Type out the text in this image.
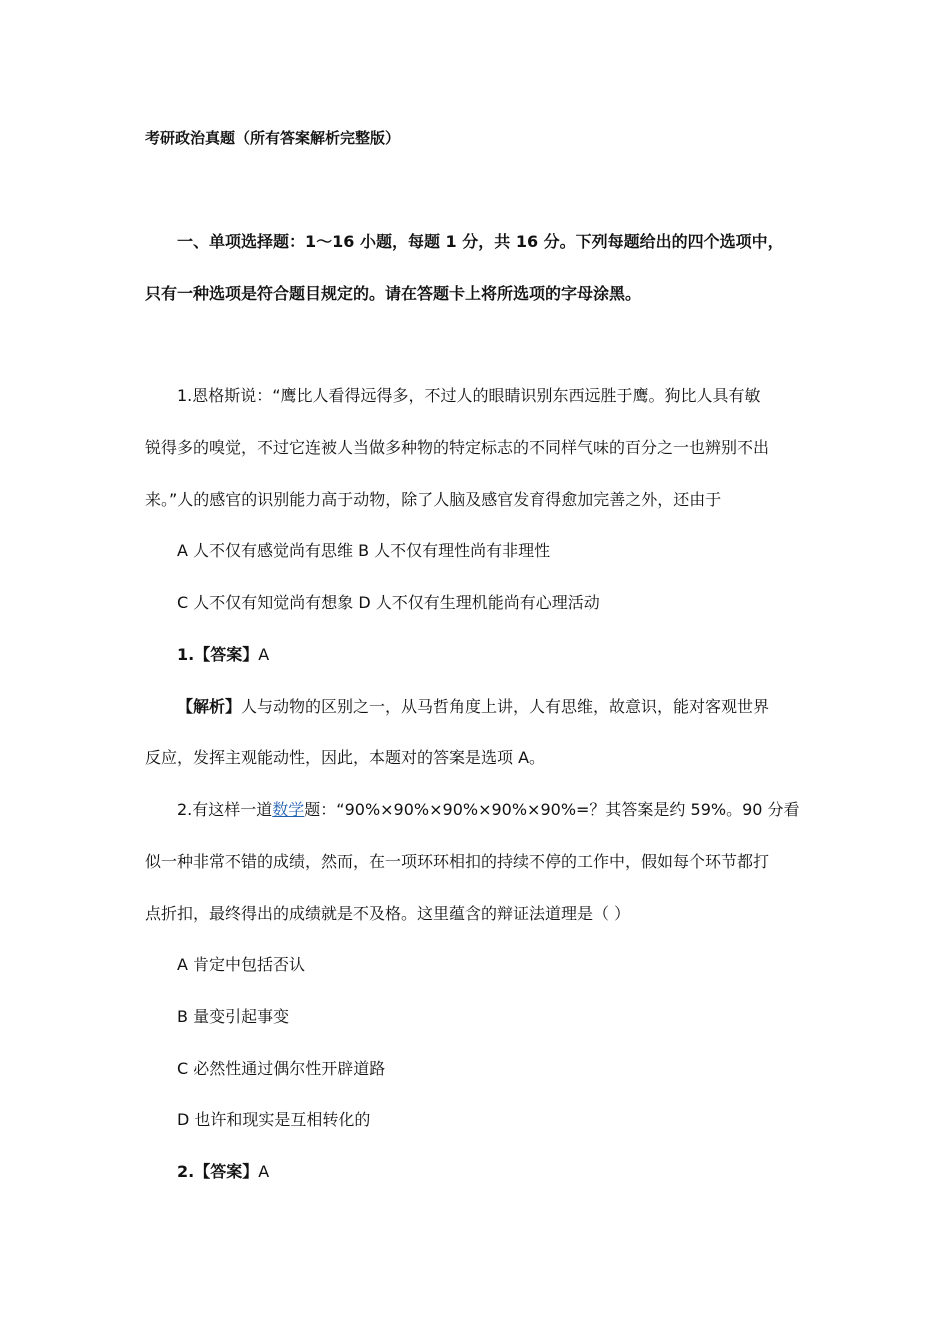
考研政治真题（所有答案解析完整版）
一、单项选择题：1～16 小题，每题 1 分，共 16 分。下列每题给出的四个选项中，
只有一种选项是符合题目规定的。请在答题卡上将所选项的字母涂黑。
1.恩格斯说：“鹰比人看得远得多，不过人的眼睛识别东西远胜于鹰。狗比人具有敏
锐得多的嗅觉，不过它连被人当做多种物的特定标志的不同样气味的百分之一也辨别不出
来。”人的感官的识别能力高于动物，除了人脑及感官发育得愈加完善之外，还由于
A 人不仅有感觉尚有思维 B 人不仅有理性尚有非理性
C 人不仅有知觉尚有想象 D 人不仅有生理机能尚有心理活动
1.【答案】A
【解析】人与动物的区别之一，从马哲角度上讲，人有思维，故意识，能对客观世界
反应，发挥主观能动性，因此，本题对的答案是选项 A。
2.有这样一道数学题：“90%×90%×90%×90%×90%=？其答案是约 59%。90 分看
似一种非常不错的成绩，然而，在一项环环相扣的持续不停的工作中，假如每个环节都打
点折扣，最终得出的成绩就是不及格。这里蕴含的辩证法道理是（ ）
A 肯定中包括否认
B 量变引起事变
C 必然性通过偶尔性开辟道路
D 也许和现实是互相转化的
2.【答案】A
